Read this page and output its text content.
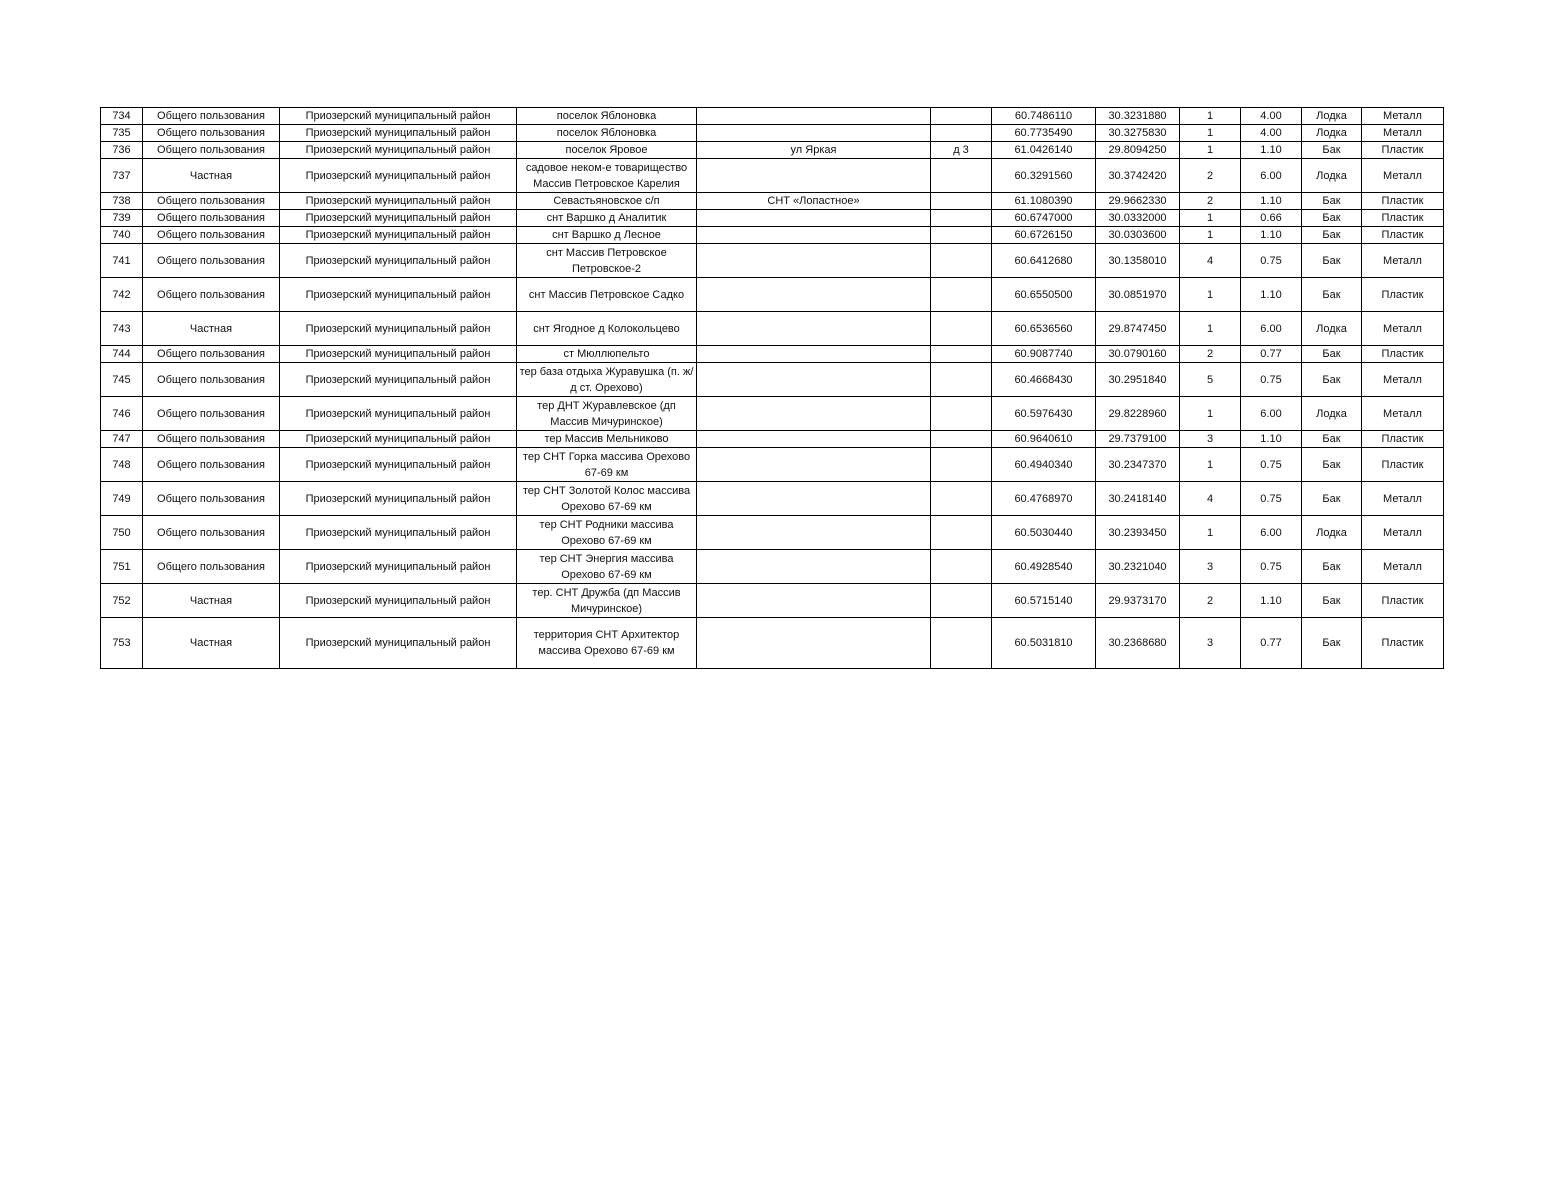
734	Общего пользования	Приозерский муниципальный район	поселок Яблоновка			60.7486110	30.3231880	1	4.00	Лодка	Металл
735	Общего пользования	Приозерский муниципальный район	поселок Яблоновка			60.7735490	30.3275830	1	4.00	Лодка	Металл
736	Общего пользования	Приозерский муниципальный район	поселок Яровое	ул Яркая	д 3	61.0426140	29.8094250	1	1.10	Бак	Пластик
737	Частная	Приозерский муниципальный район	садовое неком-е товарищество Массив Петровское Карелия			60.3291560	30.3742420	2	6.00	Лодка	Металл
738	Общего пользования	Приозерский муниципальный район	Севастьяновское с/п	СНТ «Лопастное»		61.1080390	29.9662330	2	1.10	Бак	Пластик
739	Общего пользования	Приозерский муниципальный район	снт Варшко д Аналитик			60.6747000	30.0332000	1	0.66	Бак	Пластик
740	Общего пользования	Приозерский муниципальный район	снт Варшко д Лесное			60.6726150	30.0303600	1	1.10	Бак	Пластик
741	Общего пользования	Приозерский муниципальный район	снт Массив Петровское Петровское-2			60.6412680	30.1358010	4	0.75	Бак	Металл
742	Общего пользования	Приозерский муниципальный район	снт Массив Петровское Садко			60.6550500	30.0851970	1	1.10	Бак	Пластик
743	Частная	Приозерский муниципальный район	снт Ягодное д Колокольцево			60.6536560	29.8747450	1	6.00	Лодка	Металл
744	Общего пользования	Приозерский муниципальный район	ст Мюллюпельто			60.9087740	30.0790160	2	0.77	Бак	Пластик
745	Общего пользования	Приозерский муниципальный район	тер база отдыха Журавушка (п. ж/д ст. Орехово)			60.4668430	30.2951840	5	0.75	Бак	Металл
746	Общего пользования	Приозерский муниципальный район	тер ДНТ Журавлевское (дп Массив Мичуринское)			60.5976430	29.8228960	1	6.00	Лодка	Металл
747	Общего пользования	Приозерский муниципальный район	тер Массив Мельниково			60.9640610	29.7379100	3	1.10	Бак	Пластик
748	Общего пользования	Приозерский муниципальный район	тер СНТ Горка массива Орехово 67-69 км			60.4940340	30.2347370	1	0.75	Бак	Пластик
749	Общего пользования	Приозерский муниципальный район	тер СНТ Золотой Колос массива Орехово 67-69 км			60.4768970	30.2418140	4	0.75	Бак	Металл
750	Общего пользования	Приозерский муниципальный район	тер СНТ Родники массива Орехово 67-69 км			60.5030440	30.2393450	1	6.00	Лодка	Металл
751	Общего пользования	Приозерский муниципальный район	тер СНТ Энергия массива Орехово 67-69 км			60.4928540	30.2321040	3	0.75	Бак	Металл
752	Частная	Приозерский муниципальный район	тер. СНТ Дружба (дп Массив Мичуринское)			60.5715140	29.9373170	2	1.10	Бак	Пластик
753	Частная	Приозерский муниципальный район	территория СНТ Архитектор массива Орехово 67-69 км			60.5031810	30.2368680	3	0.77	Бак	Пластик
